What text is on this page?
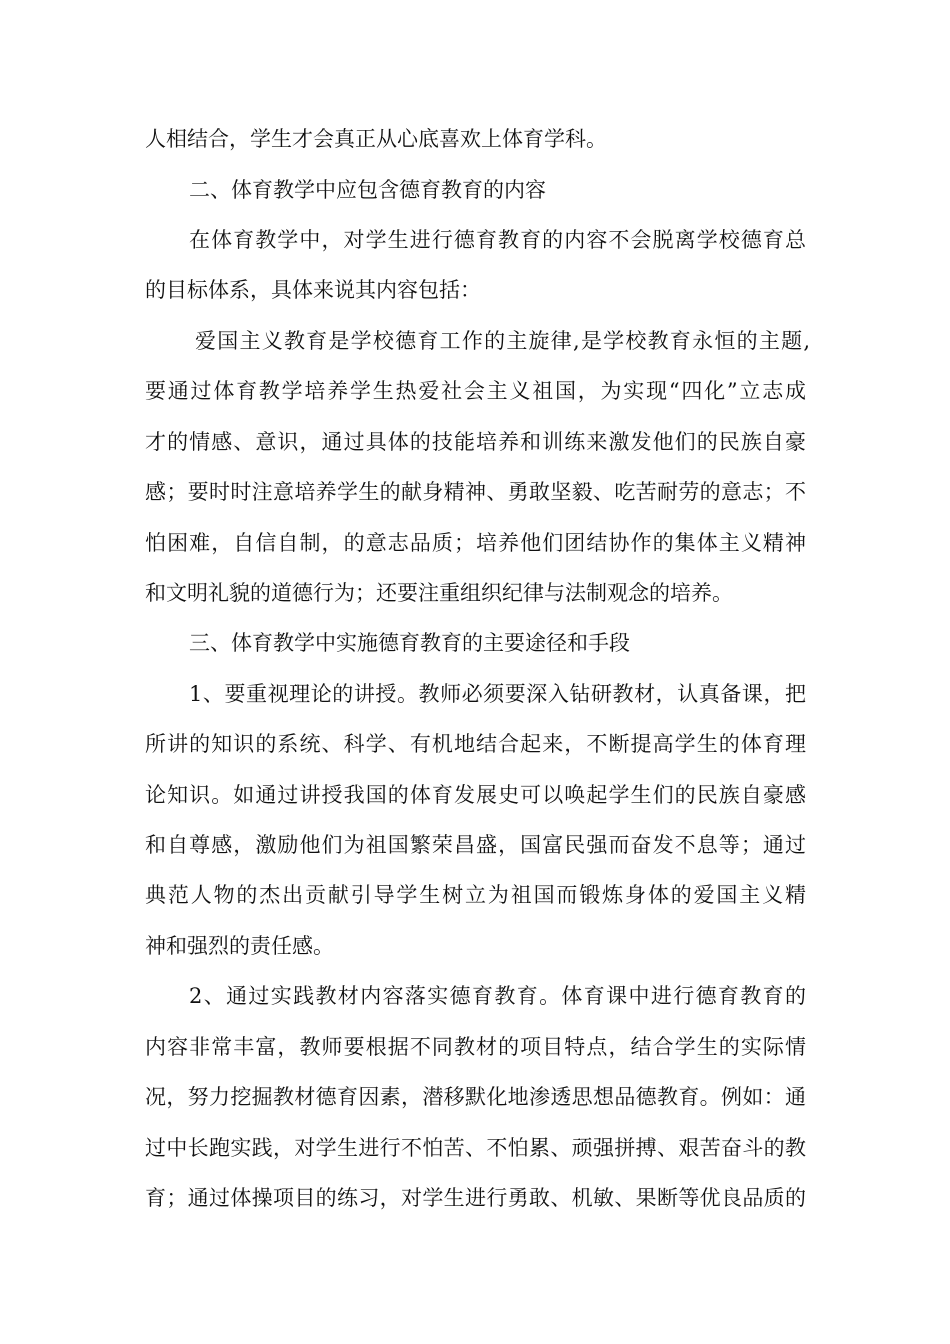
人相结合，学生才会真正从心底喜欢上体育学科。
二、体育教学中应包含德育教育的内容
在体育教学中，对学生进行德育教育的内容不会脱离学校德育总
的目标体系，具体来说其内容包括：
爱国主义教育是学校德育工作的主旋律,是学校教育永恒的主题,
要通过体育教学培养学生热爱社会主义祖国，为实现“四化”立志成
才的情感、意识，通过具体的技能培养和训练来激发他们的民族自豪
感；要时时注意培养学生的献身精神、勇敢坚毅、吃苦耐劳的意志；不
怕困难，自信自制，的意志品质；培养他们团结协作的集体主义精神
和文明礼貌的道德行为；还要注重组织纪律与法制观念的培养。
三、体育教学中实施德育教育的主要途径和手段
1、要重视理论的讲授。教师必须要深入钻研教材，认真备课，把
所讲的知识的系统、科学、有机地结合起来，不断提高学生的体育理
论知识。如通过讲授我国的体育发展史可以唤起学生们的民族自豪感
和自尊感，激励他们为祖国繁荣昌盛，国富民强而奋发不息等；通过
典范人物的杰出贡献引导学生树立为祖国而锻炼身体的爱国主义精
神和强烈的责任感。
2、通过实践教材内容落实德育教育。体育课中进行德育教育的
内容非常丰富，教师要根据不同教材的项目特点，结合学生的实际情
况，努力挖掘教材德育因素，潜移默化地渗透思想品德教育。例如：通
过中长跑实践，对学生进行不怕苦、不怕累、顽强拼搏、艰苦奋斗的教
育；通过体操项目的练习，对学生进行勇敢、机敏、果断等优良品质的
